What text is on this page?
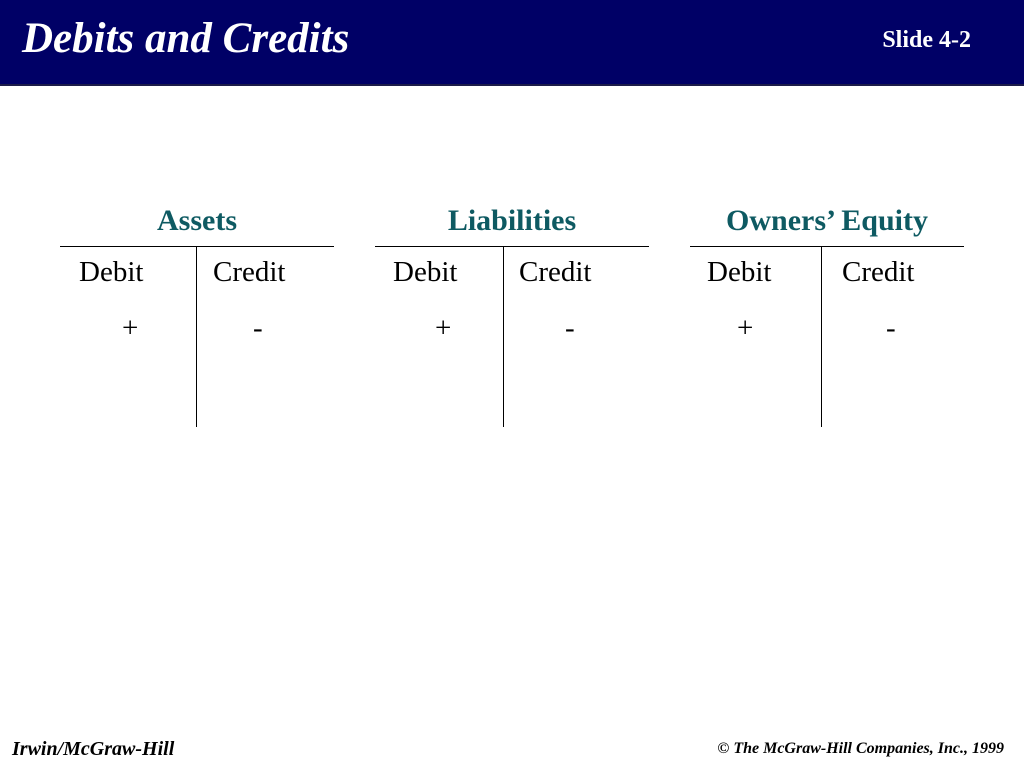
Debits and Credits	Slide 4-2
Assets
Debit Credit
+	-
Liabilities
Debit Credit
+	-
Owners’ Equity
Debit Credit
+	-
Irwin/McGraw-Hill	© The McGraw-Hill Companies, Inc., 1999
